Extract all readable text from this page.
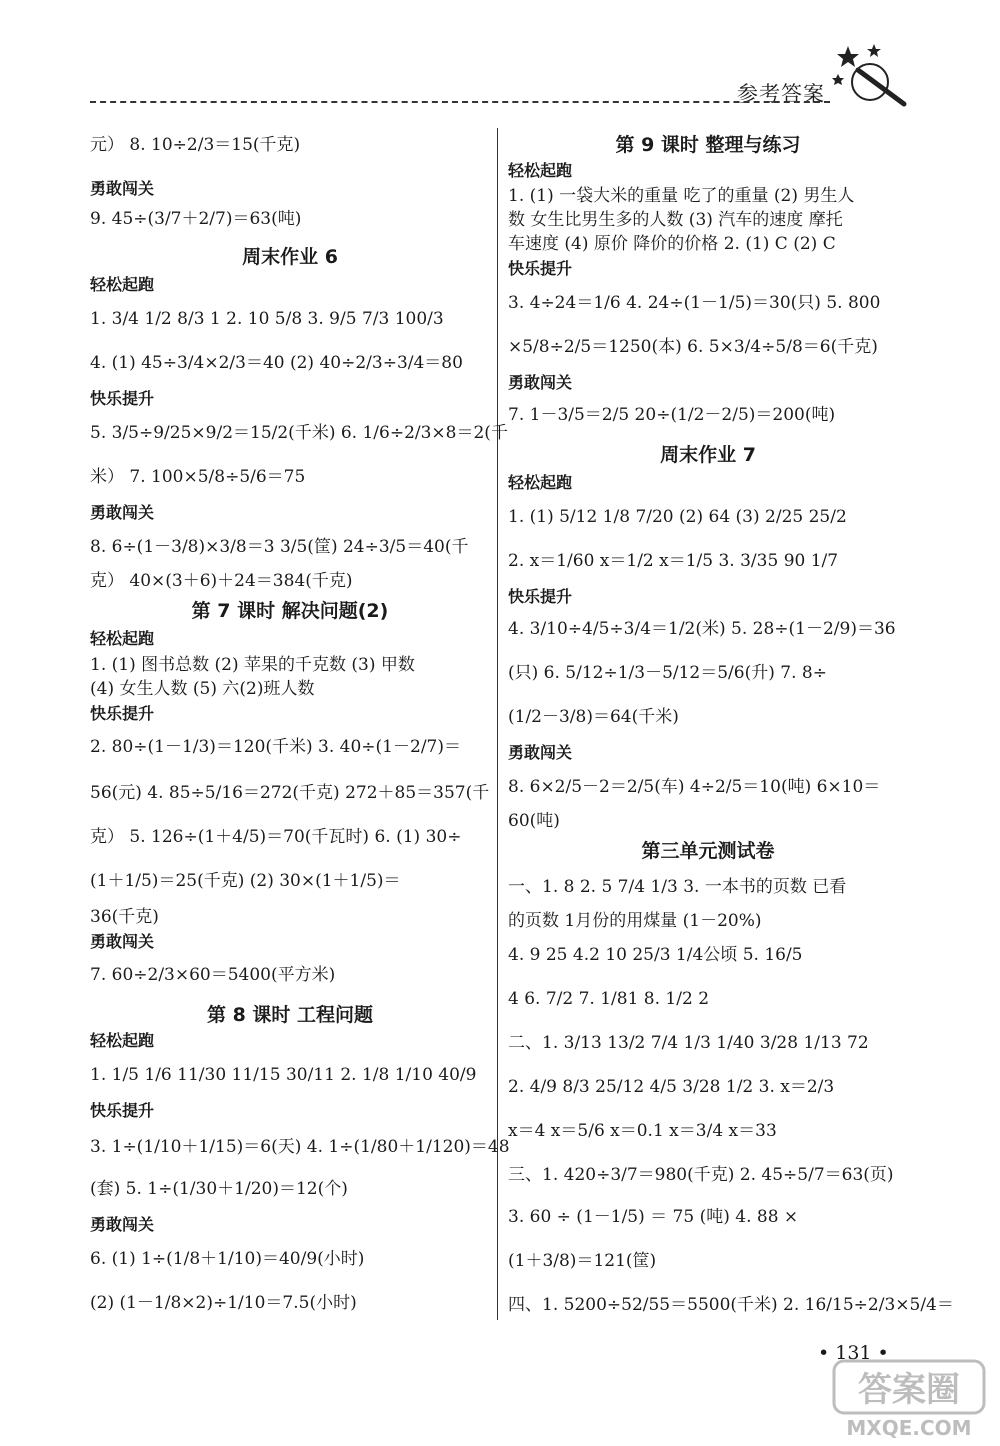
参考答案
元） 8. 10÷2/3＝15(千克)
勇敢闯关
9. 45÷(3/7＋2/7)＝63(吨)
周末作业 6
轻松起跑
1. 3/4 1/2 8/3 1 2. 10 5/8 3. 9/5 7/3 100/3
4. (1) 45÷3/4×2/3＝40 (2) 40÷2/3÷3/4＝80
快乐提升
5. 3/5÷9/25×9/2＝15/2(千米) 6. 1/6÷2/3×8＝2(千
米） 7. 100×5/8÷5/6＝75
勇敢闯关
8. 6÷(1－3/8)×3/8＝3 3/5(筐) 24÷3/5＝40(千
克） 40×(3＋6)＋24＝384(千克)
第 7 课时 解决问题(2)
轻松起跑
1. (1) 图书总数 (2) 苹果的千克数 (3) 甲数
(4) 女生人数 (5) 六(2)班人数
快乐提升
2. 80÷(1－1/3)＝120(千米) 3. 40÷(1－2/7)＝
56(元) 4. 85÷5/16＝272(千克) 272＋85＝357(千
克） 5. 126÷(1＋4/5)＝70(千瓦时) 6. (1) 30÷
(1＋1/5)＝25(千克) (2) 30×(1＋1/5)＝
36(千克)
勇敢闯关
7. 60÷2/3×60＝5400(平方米)
第 8 课时 工程问题
轻松起跑
1. 1/5 1/6 11/30 11/15 30/11 2. 1/8 1/10 40/9
快乐提升
3. 1÷(1/10＋1/15)＝6(天) 4. 1÷(1/80＋1/120)＝48
(套) 5. 1÷(1/30＋1/20)＝12(个)
勇敢闯关
6. (1) 1÷(1/8＋1/10)＝40/9(小时)
(2) (1－1/8×2)÷1/10＝7.5(小时)
第 9 课时 整理与练习
轻松起跑
1. (1) 一袋大米的重量 吃了的重量 (2) 男生人
数 女生比男生多的人数 (3) 汽车的速度 摩托
车速度 (4) 原价 降价的价格 2. (1) C (2) C
快乐提升
3. 4÷24＝1/6 4. 24÷(1－1/5)＝30(只) 5. 800
×5/8÷2/5＝1250(本) 6. 5×3/4÷5/8＝6(千克)
勇敢闯关
7. 1－3/5＝2/5 20÷(1/2－2/5)＝200(吨)
周末作业 7
轻松起跑
1. (1) 5/12 1/8 7/20 (2) 64 (3) 2/25 25/2
2. x＝1/60 x＝1/2 x＝1/5 3. 3/35 90 1/7
快乐提升
4. 3/10÷4/5÷3/4＝1/2(米) 5. 28÷(1－2/9)＝36
(只) 6. 5/12÷1/3－5/12＝5/6(升) 7. 8÷
(1/2－3/8)＝64(千米)
勇敢闯关
8. 6×2/5－2＝2/5(车) 4÷2/5＝10(吨) 6×10＝
60(吨)
第三单元测试卷
一、1. 8 2. 5 7/4 1/3 3. 一本书的页数 已看
的页数 1月份的用煤量 (1－20%)
4. 9 25 4.2 10 25/3 1/4公顷 5. 16/5
4 6. 7/2 7. 1/81 8. 1/2 2
二、1. 3/13 13/2 7/4 1/3 1/40 3/28 1/13 72
2. 4/9 8/3 25/12 4/5 3/28 1/2 3. x＝2/3
x＝4 x＝5/6 x＝0.1 x＝3/4 x＝33
三、1. 420÷3/7＝980(千克) 2. 45÷5/7＝63(页)
3. 60 ÷ (1－1/5) ＝ 75 (吨) 4. 88 ×
(1＋3/8)＝121(筐)
四、1. 5200÷52/55＝5500(千米) 2. 16/15÷2/3×5/4＝
• 131 •
答案圈
MXQE.COM
